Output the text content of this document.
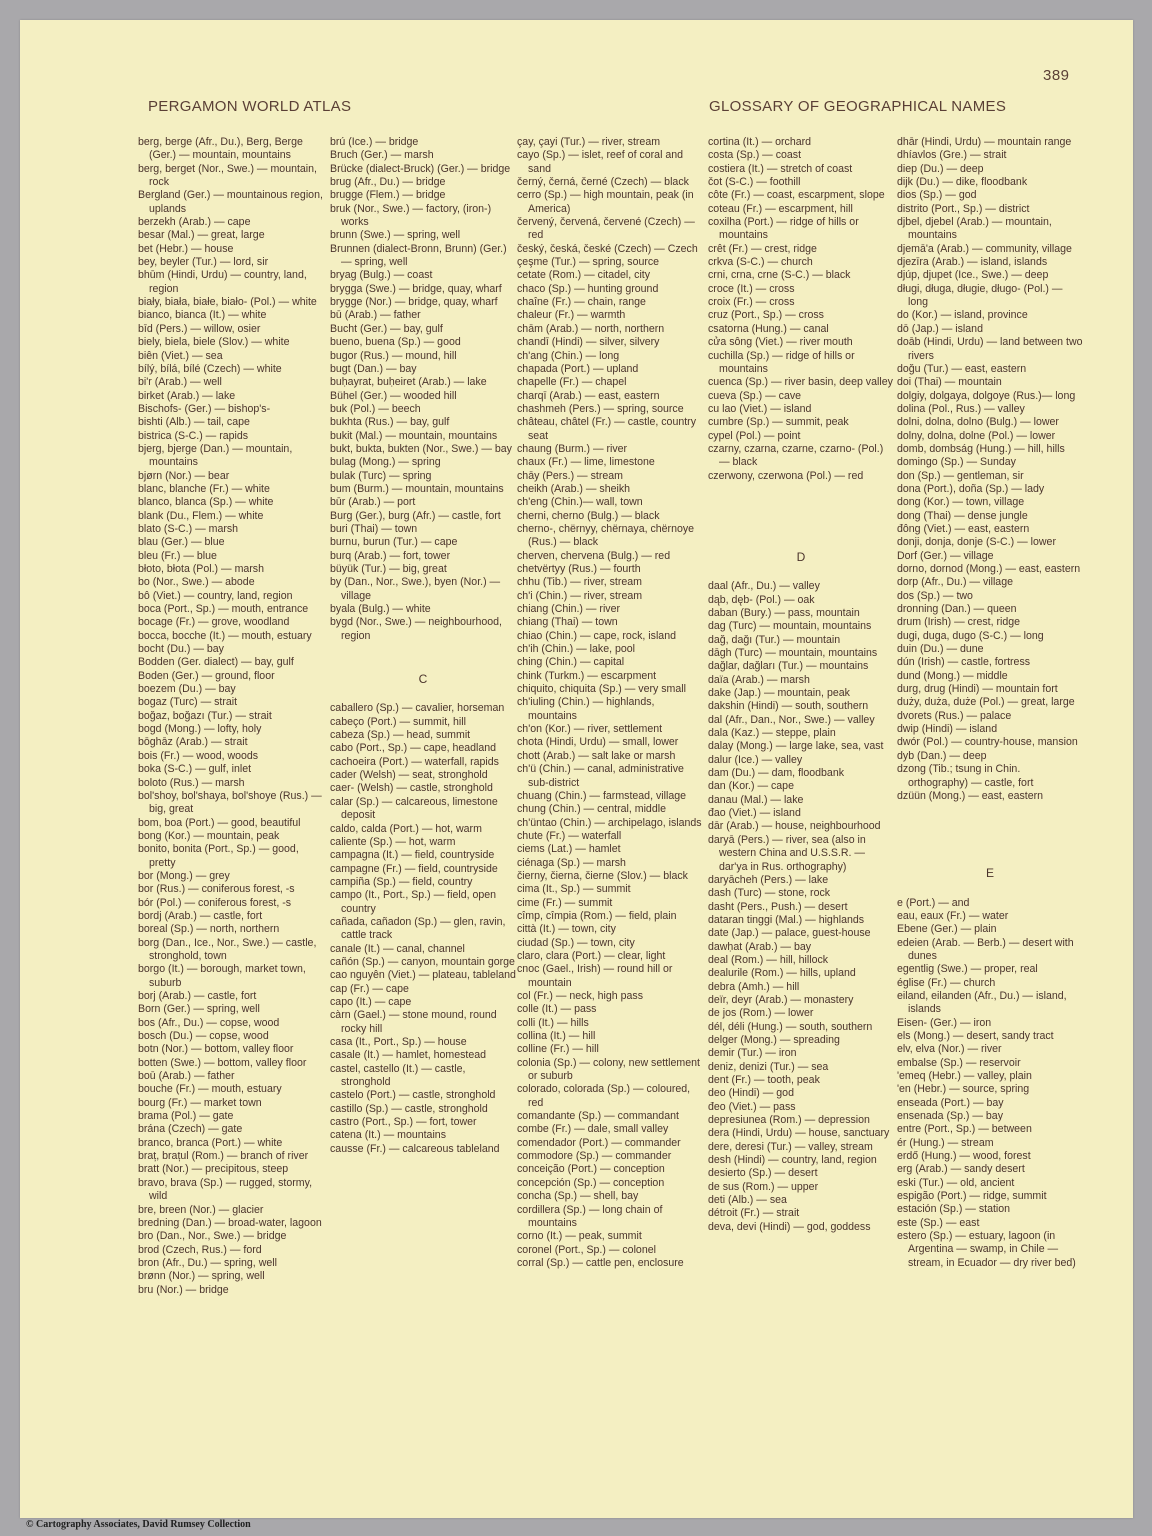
389
PERGAMON WORLD ATLAS	GLOSSARY OF GEOGRAPHICAL NAMES

berg, berge (Afr., Du.), Berg, Berge (Ger.) — mountain, mountains

berg, berget (Nor., Swe.) — mountain, rock

Bergland (Ger.) — mountainous region, uplands

berzekh (Arab.) — cape

besar (Mal.) — great, large

bet (Hebr.) — house

bey, beyler (Tur.) — lord, sir

bhūm (Hindi, Urdu) — country, land, region

biały, biała, białe, biało- (Pol.) — white

bianco, bianca (It.) — white

bīd (Pers.) — willow, osier

biely, biela, biele (Slov.) — white

biên (Viet.) — sea

bílý, bílá, bílé (Czech) — white

bi'r (Arab.) — well

birket (Arab.) — lake

Bischofs- (Ger.) — bishop's-

bishti (Alb.) — tail, cape

bistrica (S-C.) — rapids

bjerg, bjerge (Dan.) — mountain, mountains

bjørn (Nor.) — bear

blanc, blanche (Fr.) — white

blanco, blanca (Sp.) — white

blank (Du., Flem.) — white

blato (S-C.) — marsh

blau (Ger.) — blue

bleu (Fr.) — blue

błoto, błota (Pol.) — marsh

bo (Nor., Swe.) — abode

bô (Viet.) — country, land, region

boca (Port., Sp.) — mouth, entrance

bocage (Fr.) — grove, woodland

bocca, bocche (It.) — mouth, estuary

bocht (Du.) — bay

Bodden (Ger. dialect) — bay, gulf

Boden (Ger.) — ground, floor

boezem (Du.) — bay

bogaz (Turc) — strait

boğaz, boğazı (Tur.) — strait

bogd (Mong.) — lofty, holy

bōghāz (Arab.) — strait

bois (Fr.) — wood, woods

boka (S-C.) — gulf, inlet

boloto (Rus.) — marsh

bol'shoy, bol'shaya, bol'shoye (Rus.) — big, great

bom, boa (Port.) — good, beautiful

bong (Kor.) — mountain, peak

bonito, bonita (Port., Sp.) — good, pretty

bor (Mong.) — grey

bor (Rus.) — coniferous forest, -s

bór (Pol.) — coniferous forest, -s

bordj (Arab.) — castle, fort

boreal (Sp.) — north, northern

borg (Dan., Ice., Nor., Swe.) — castle, stronghold, town

borgo (It.) — borough, market town, suburb

borj (Arab.) — castle, fort

Born (Ger.) — spring, well

bos (Afr., Du.) — copse, wood

bosch (Du.) — copse, wood

botn (Nor.) — bottom, valley floor

botten (Swe.) — bottom, valley floor

boū (Arab.) — father

bouche (Fr.) — mouth, estuary

bourg (Fr.) — market town

brama (Pol.) — gate

brána (Czech) — gate

branco, branca (Port.) — white

braț, brațul (Rom.) — branch of river

bratt (Nor.) — precipitous, steep

bravo, brava (Sp.) — rugged, stormy, wild

bre, breen (Nor.) — glacier

bredning (Dan.) — broad-water, lagoon

bro (Dan., Nor., Swe.) — bridge

brod (Czech, Rus.) — ford

bron (Afr., Du.) — spring, well

brønn (Nor.) — spring, well

bru (Nor.) — bridge

brú (Ice.) — bridge

Bruch (Ger.) — marsh

Brücke (dialect-Bruck) (Ger.) — bridge

brug (Afr., Du.) — bridge

brugge (Flem.) — bridge

bruk (Nor., Swe.) — factory, (iron-) works

brunn (Swe.) — spring, well

Brunnen (dialect-Bronn, Brunn) (Ger.) — spring, well

bryag (Bulg.) — coast

brygga (Swe.) — bridge, quay, wharf

brygge (Nor.) — bridge, quay, wharf

bū (Arab.) — father

Bucht (Ger.) — bay, gulf

bueno, buena (Sp.) — good

bugor (Rus.) — mound, hill

bugt (Dan.) — bay

buḥayrat, buḥeiret (Arab.) — lake

Bühel (Ger.) — wooded hill

buk (Pol.) — beech

bukhta (Rus.) — bay, gulf

bukit (Mal.) — mountain, mountains

bukt, bukta, bukten (Nor., Swe.) — bay

bulag (Mong.) — spring

bulak (Turc) — spring

bum (Burm.) — mountain, mountains

būr (Arab.) — port

Burg (Ger.), burg (Afr.) — castle, fort

buri (Thai) — town

burnu, burun (Tur.) — cape

burq (Arab.) — fort, tower

büyük (Tur.) — big, great

by (Dan., Nor., Swe.), byen (Nor.) — village

byala (Bulg.) — white

bygd (Nor., Swe.) — neighbourhood, region

C

caballero (Sp.) — cavalier, horseman

cabeço (Port.) — summit, hill

cabeza (Sp.) — head, summit

cabo (Port., Sp.) — cape, headland

cachoeira (Port.) — waterfall, rapids

cader (Welsh) — seat, stronghold

caer- (Welsh) — castle, stronghold

calar (Sp.) — calcareous, limestone deposit

caldo, calda (Port.) — hot, warm

caliente (Sp.) — hot, warm

campagna (It.) — field, countryside

campagne (Fr.) — field, countryside

campiña (Sp.) — field, country

campo (It., Port., Sp.) — field, open country

cañada, cañadon (Sp.) — glen, ravin, cattle track

canale (It.) — canal, channel

cañón (Sp.) — canyon, mountain gorge

cao nguyên (Viet.) — plateau, tableland

cap (Fr.) — cape

capo (It.) — cape

càrn (Gael.) — stone mound, round rocky hill

casa (It., Port., Sp.) — house

casale (It.) — hamlet, homestead

castel, castello (It.) — castle, stronghold

castelo (Port.) — castle, stronghold

castillo (Sp.) — castle, stronghold

castro (Port., Sp.) — fort, tower

catena (It.) — mountains

causse (Fr.) — calcareous tableland

çay, çayi (Tur.) — river, stream

cayo (Sp.) — islet, reef of coral and sand

černý, černá, černé (Czech) — black

cerro (Sp.) — high mountain, peak (in America)

červený, červená, červené (Czech) — red

český, česká, české (Czech) — Czech

çeşme (Tur.) — spring, source

cetate (Rom.) — citadel, city

chaco (Sp.) — hunting ground

chaîne (Fr.) — chain, range

chaleur (Fr.) — warmth

chām (Arab.) — north, northern

chandī (Hindi) — silver, silvery

ch'ang (Chin.) — long

chapada (Port.) — upland

chapelle (Fr.) — chapel

charqī (Arab.) — east, eastern

chashmeh (Pers.) — spring, source

château, châtel (Fr.) — castle, country seat

chaung (Burm.) — river

chaux (Fr.) — lime, limestone

chāy (Pers.) — stream

cheikh (Arab.) — sheikh

ch'eng (Chin.)— wall, town

cherni, cherno (Bulg.) — black

cherno-, chërnyy, chërnaya, chërnoye (Rus.) — black

cherven, chervena (Bulg.) — red

chetvërtyy (Rus.) — fourth

chhu (Tib.) — river, stream

ch'i (Chin.) — river, stream

chiang (Chin.) — river

chiang (Thai) — town

chiao (Chin.) — cape, rock, island

ch'ih (Chin.) — lake, pool

ching (Chin.) — capital

chink (Turkm.) — escarpment

chiquito, chiquita (Sp.) — very small

ch'iuling (Chin.) — highlands, mountains

ch'on (Kor.) — river, settlement

chota (Hindi, Urdu) — small, lower

chott (Arab.) — salt lake or marsh

ch'ü (Chin.) — canal, administrative sub-district

chuang (Chin.) — farmstead, village

chung (Chin.) — central, middle

ch'üntao (Chin.) — archipelago, islands

chute (Fr.) — waterfall

ciems (Lat.) — hamlet

ciénaga (Sp.) — marsh

čierny, čierna, čierne (Slov.) — black

cima (It., Sp.) — summit

cime (Fr.) — summit

cîmp, cîmpia (Rom.) — field, plain

città (It.) — town, city

ciudad (Sp.) — town, city

claro, clara (Port.) — clear, light

cnoc (Gael., Irish) — round hill or mountain

col (Fr.) — neck, high pass

colle (It.) — pass

colli (It.) — hills

collina (It.) — hill

colline (Fr.) — hill

colonia (Sp.) — colony, new settlement or suburb

colorado, colorada (Sp.) — coloured, red

comandante (Sp.) — commandant

combe (Fr.) — dale, small valley

comendador (Port.) — commander

commodore (Sp.) — commander

conceição (Port.) — conception

concepción (Sp.) — conception

concha (Sp.) — shell, bay

cordillera (Sp.) — long chain of mountains

corno (It.) — peak, summit

coronel (Port., Sp.) — colonel

corral (Sp.) — cattle pen, enclosure

cortina (It.) — orchard

costa (Sp.) — coast

costiera (It.) — stretch of coast

čot (S-C.) — foothill

côte (Fr.) — coast, escarpment, slope

coteau (Fr.) — escarpment, hill

coxilha (Port.) — ridge of hills or mountains

crêt (Fr.) — crest, ridge

crkva (S-C.) — church

crni, crna, crne (S-C.) — black

croce (It.) — cross

croix (Fr.) — cross

cruz (Port., Sp.) — cross

csatorna (Hung.) — canal

cửa sông (Viet.) — river mouth

cuchilla (Sp.) — ridge of hills or mountains

cuenca (Sp.) — river basin, deep valley

cueva (Sp.) — cave

cu lao (Viet.) — island

cumbre (Sp.) — summit, peak

cypel (Pol.) — point

czarny, czarna, czarne, czarno- (Pol.) — black

czerwony, czerwona (Pol.) — red

D

daal (Afr., Du.) — valley

dąb, dęb- (Pol.) — oak

daban (Bury.) — pass, mountain

dag (Turc) — mountain, mountains

dağ, dağı (Tur.) — mountain

dāgh (Turc) — mountain, mountains

dağlar, dağları (Tur.) — mountains

daïa (Arab.) — marsh

dake (Jap.) — mountain, peak

dakshin (Hindi) — south, southern

dal (Afr., Dan., Nor., Swe.) — valley

dala (Kaz.) — steppe, plain

dalay (Mong.) — large lake, sea, vast

dalur (Ice.) — valley

dam (Du.) — dam, floodbank

dan (Kor.) — cape

danau (Mal.) — lake

đao (Viet.) — island

dār (Arab.) — house, neighbourhood

daryā (Pers.) — river, sea (also in western China and U.S.S.R. — dar'ya in Rus. orthography)

daryācheh (Pers.) — lake

dash (Turc) — stone, rock

dasht (Pers., Push.) — desert

dataran tinggi (Mal.) — highlands

date (Jap.) — palace, guest-house

dawḥat (Arab.) — bay

deal (Rom.) — hill, hillock

dealurile (Rom.) — hills, upland

debra (Amh.) — hill

deïr, deyr (Arab.) — monastery

de jos (Rom.) — lower

dél, déli (Hung.) — south, southern

delger (Mong.) — spreading

demir (Tur.) — iron

deniz, denizi (Tur.) — sea

dent (Fr.) — tooth, peak

deo (Hindi) — god

đeo (Viet.) — pass

depresiunea (Rom.) — depression

dera (Hindi, Urdu) — house, sanctuary

dere, deresi (Tur.) — valley, stream

desh (Hindi) — country, land, region

desierto (Sp.) — desert

de sus (Rom.) — upper

deti (Alb.) — sea

détroit (Fr.) — strait

deva, devi (Hindi) — god, goddess

dhār (Hindi, Urdu) — mountain range

dhíavlos (Gre.) — strait

diep (Du.) — deep

dijk (Du.) — dike, floodbank

dios (Sp.) — god

distrito (Port., Sp.) — district

djbel, djebel (Arab.) — mountain, mountains

djemā'a (Arab.) — community, village

djezīra (Arab.) — island, islands

djúp, djupet (Ice., Swe.) — deep

długi, długa, długie, długo- (Pol.) — long

do (Kor.) — island, province

dō (Jap.) — island

doāb (Hindi, Urdu) — land between two rivers

doğu (Tur.) — east, eastern

doi (Thai) — mountain

dolgiy, dolgaya, dolgoye (Rus.)— long

dolina (Pol., Rus.) — valley

dolni, dolna, dolno (Bulg.) — lower

dolny, dolna, dolne (Pol.) — lower

domb, dombság (Hung.) — hill, hills

domingo (Sp.) — Sunday

don (Sp.) — gentleman, sir

dona (Port.), doña (Sp.) — lady

dong (Kor.) — town, village

dong (Thai) — dense jungle

đông (Viet.) — east, eastern

donji, donja, donje (S-C.) — lower

Dorf (Ger.) — village

dorno, dornod (Mong.) — east, eastern

dorp (Afr., Du.) — village

dos (Sp.) — two

dronning (Dan.) — queen

drum (Irish) — crest, ridge

dugi, duga, dugo (S-C.) — long

duin (Du.) — dune

dún (Irish) — castle, fortress

dund (Mong.) — middle

durg, drug (Hindi) — mountain fort

duży, duża, duże (Pol.) — great, large

dvorets (Rus.) — palace

dwip (Hindi) — island

dwór (Pol.) — country-house, mansion

dyb (Dan.) — deep

dzong (Tib.; tsung in Chin. orthography) — castle, fort

dzüün (Mong.) — east, eastern

E

e (Port.) — and

eau, eaux (Fr.) — water

Ebene (Ger.) — plain

edeien (Arab. — Berb.) — desert with dunes

egentlig (Swe.) — proper, real

église (Fr.) — church

eiland, eilanden (Afr., Du.) — island, islands

Eisen- (Ger.) — iron

els (Mong.) — desert, sandy tract

elv, elva (Nor.) — river

embalse (Sp.) — reservoir

'emeq (Hebr.) — valley, plain

'en (Hebr.) — source, spring

enseada (Port.) — bay

ensenada (Sp.) — bay

entre (Port., Sp.) — between

ér (Hung.) — stream

erdő (Hung.) — wood, forest

erg (Arab.) — sandy desert

eski (Tur.) — old, ancient

espigão (Port.) — ridge, summit

estación (Sp.) — station

este (Sp.) — east

estero (Sp.) — estuary, lagoon (in Argentina — swamp, in Chile — stream, in Ecuador — dry river bed)

© Cartography Associates, David Rumsey Collection
